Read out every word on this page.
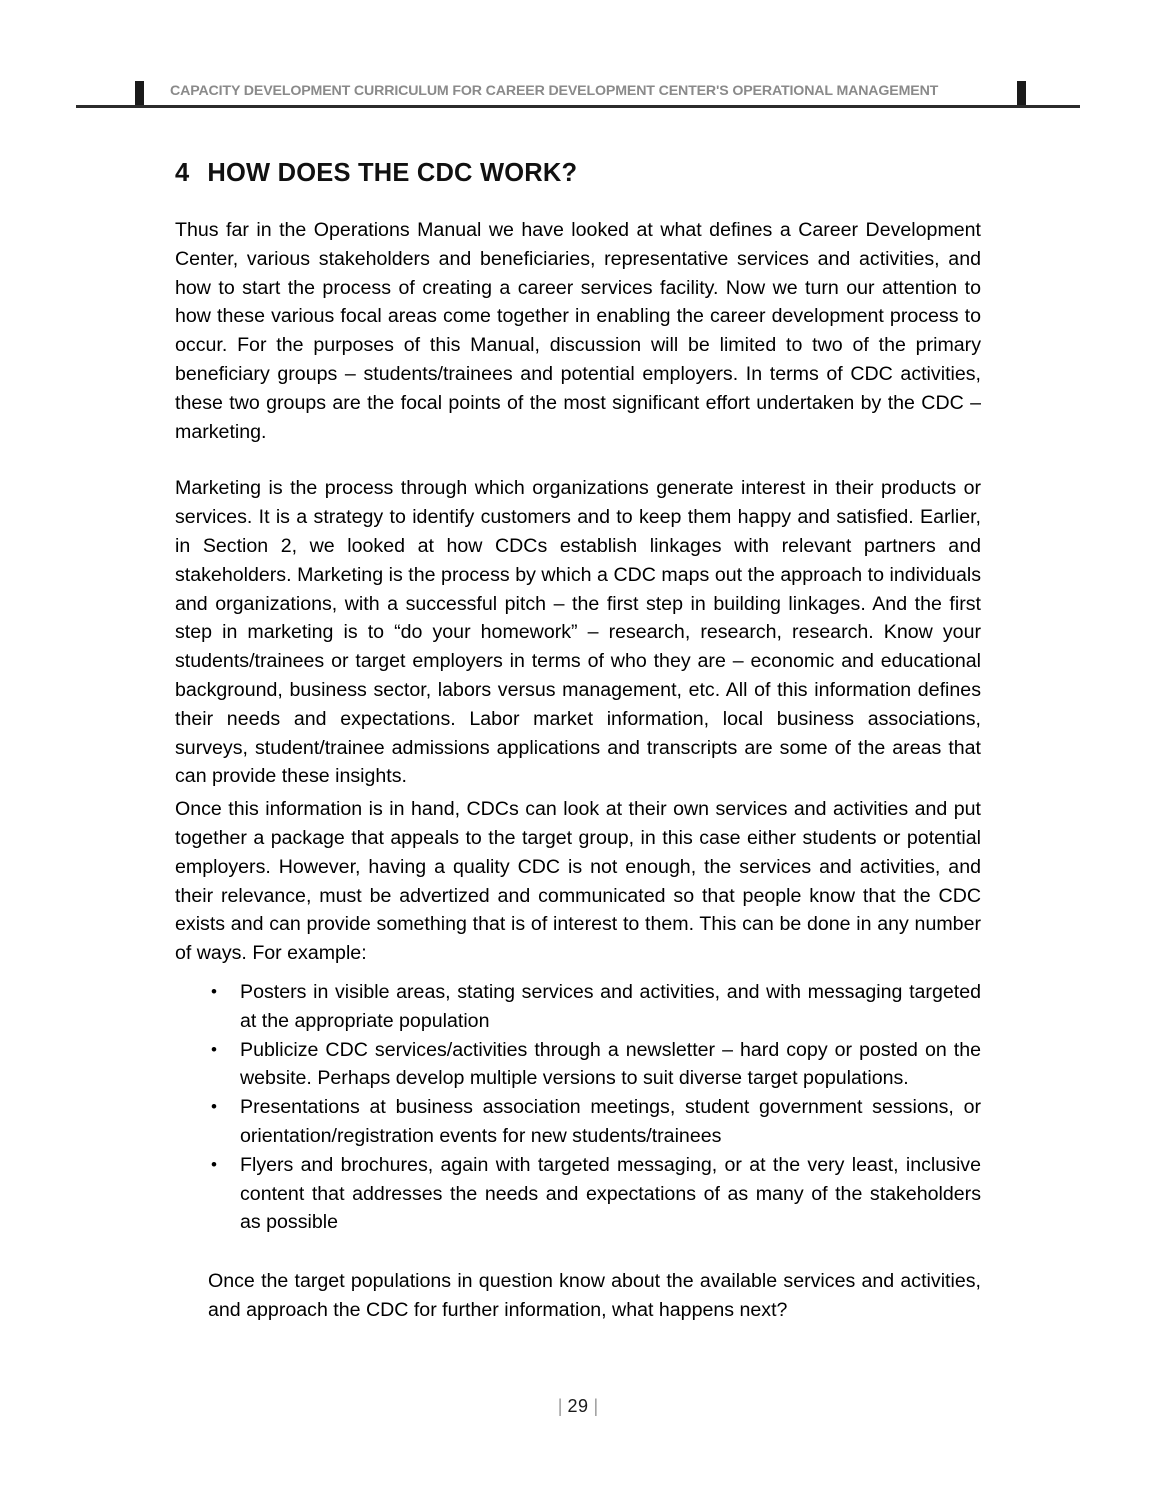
CAPACITY DEVELOPMENT CURRICULUM FOR CAREER DEVELOPMENT CENTER'S OPERATIONAL MANAGEMENT
4 HOW DOES THE CDC WORK?

Thus far in the Operations Manual we have looked at what defines a Career Development Center, various stakeholders and beneficiaries, representative services and activities, and how to start the process of creating a career services facility. Now we turn our attention to how these various focal areas come together in enabling the career development process to occur. For the purposes of this Manual, discussion will be limited to two of the primary beneficiary groups – students/trainees and potential employers. In terms of CDC activities, these two groups are the focal points of the most significant effort undertaken by the CDC – marketing.

Marketing is the process through which organizations generate interest in their products or services. It is a strategy to identify customers and to keep them happy and satisfied. Earlier, in Section 2, we looked at how CDCs establish linkages with relevant partners and stakeholders. Marketing is the process by which a CDC maps out the approach to individuals and organizations, with a successful pitch – the first step in building linkages. And the first step in marketing is to “do your homework” – research, research, research. Know your students/trainees or target employers in terms of who they are – economic and educational background, business sector, labors versus management, etc. All of this information defines their needs and expectations. Labor market information, local business associations, surveys, student/trainee admissions applications and transcripts are some of the areas that can provide these insights.

Once this information is in hand, CDCs can look at their own services and activities and put together a package that appeals to the target group, in this case either students or potential employers. However, having a quality CDC is not enough, the services and activities, and their relevance, must be advertized and communicated so that people know that the CDC exists and can provide something that is of interest to them. This can be done in any number of ways. For example:

• Posters in visible areas, stating services and activities, and with messaging targeted at the appropriate population
• Publicize CDC services/activities through a newsletter – hard copy or posted on the website. Perhaps develop multiple versions to suit diverse target populations.
• Presentations at business association meetings, student government sessions, or orientation/registration events for new students/trainees
• Flyers and brochures, again with targeted messaging, or at the very least, inclusive content that addresses the needs and expectations of as many of the stakeholders as possible

Once the target populations in question know about the available services and activities, and approach the CDC for further information, what happens next?

| 29 |
